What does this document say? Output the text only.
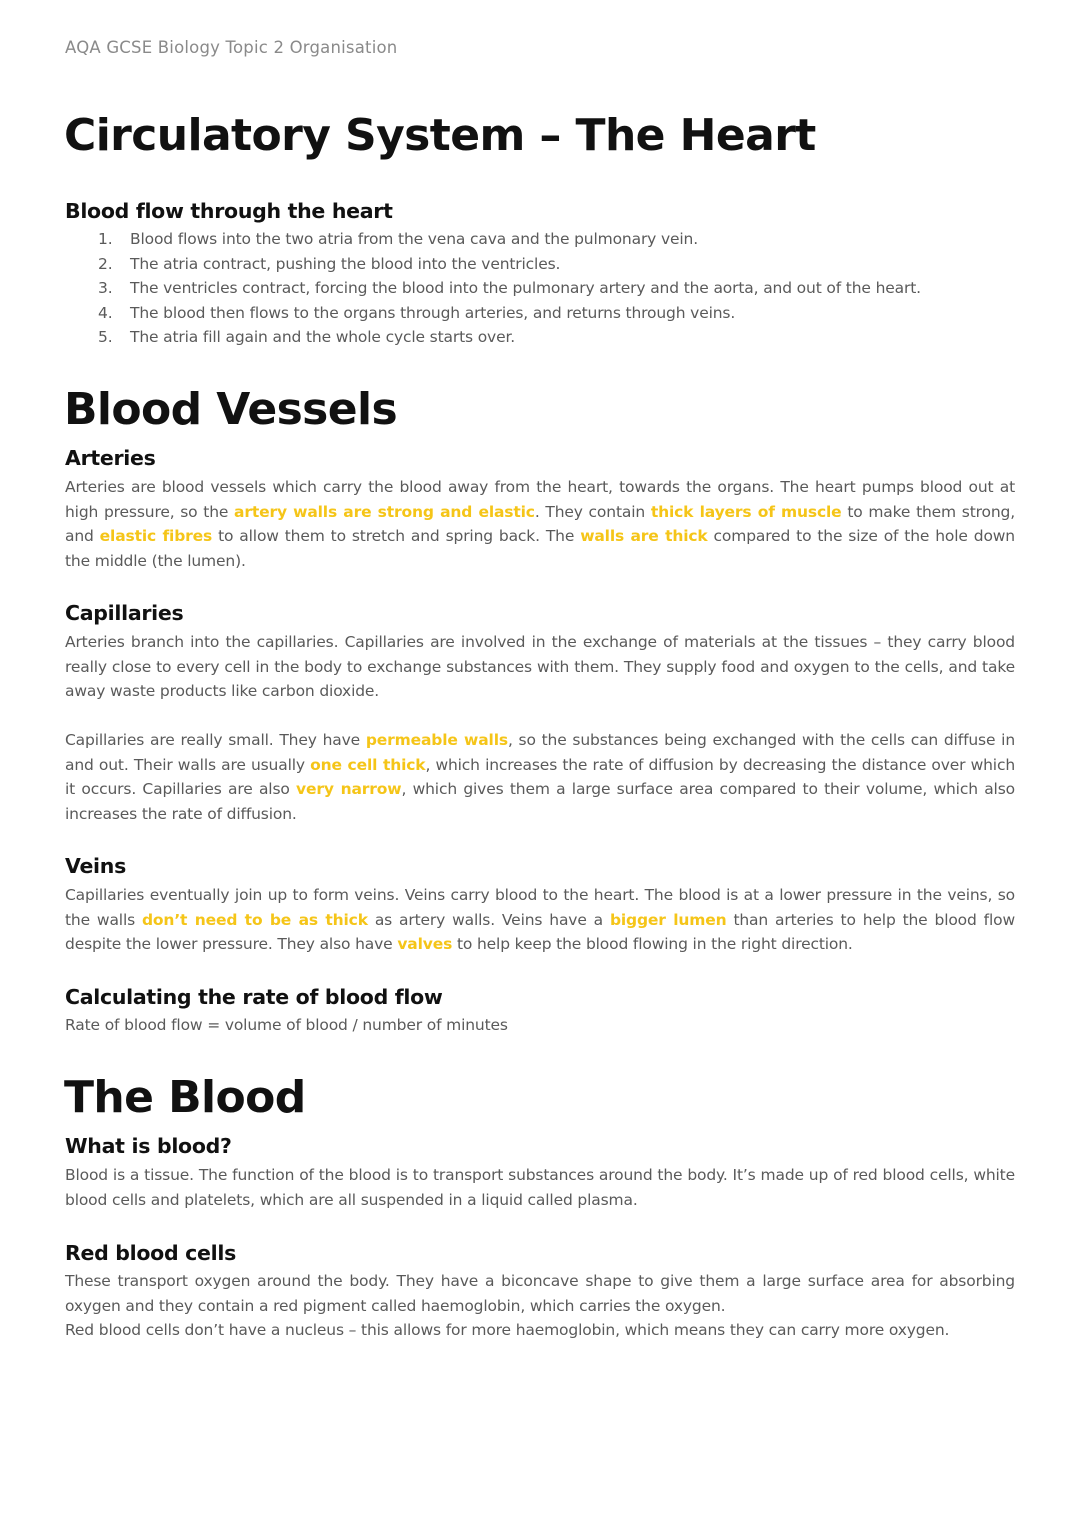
AQA GCSE Biology Topic 2 Organisation
Circulatory System – The Heart
Blood flow through the heart
1. Blood flows into the two atria from the vena cava and the pulmonary vein.
2. The atria contract, pushing the blood into the ventricles.
3. The ventricles contract, forcing the blood into the pulmonary artery and the aorta, and out of the heart.
4. The blood then flows to the organs through arteries, and returns through veins.
5. The atria fill again and the whole cycle starts over.
Blood Vessels
Arteries

Arteries are blood vessels which carry the blood away from the heart, towards the organs. The heart pumps blood out at high pressure, so the artery walls are strong and elastic. They contain thick layers of muscle to make them strong, and elastic fibres to allow them to stretch and spring back. The walls are thick compared to the size of the hole down the middle (the lumen).

Capillaries

Arteries branch into the capillaries. Capillaries are involved in the exchange of materials at the tissues – they carry blood really close to every cell in the body to exchange substances with them. They supply food and oxygen to the cells, and take away waste products like carbon dioxide.

Capillaries are really small. They have permeable walls, so the substances being exchanged with the cells can diffuse in and out. Their walls are usually one cell thick, which increases the rate of diffusion by decreasing the distance over which it occurs. Capillaries are also very narrow, which gives them a large surface area compared to their volume, which also increases the rate of diffusion.

Veins

Capillaries eventually join up to form veins. Veins carry blood to the heart. The blood is at a lower pressure in the veins, so the walls don’t need to be as thick as artery walls. Veins have a bigger lumen than arteries to help the blood flow despite the lower pressure. They also have valves to help keep the blood flowing in the right direction.

Calculating the rate of blood flow

Rate of blood flow = volume of blood / number of minutes

The Blood
What is blood?

Blood is a tissue. The function of the blood is to transport substances around the body. It’s made up of red blood cells, white blood cells and platelets, which are all suspended in a liquid called plasma.

Red blood cells

These transport oxygen around the body. They have a biconcave shape to give them a large surface area for absorbing oxygen and they contain a red pigment called haemoglobin, which carries the oxygen.

Red blood cells don’t have a nucleus – this allows for more haemoglobin, which means they can carry more oxygen.
